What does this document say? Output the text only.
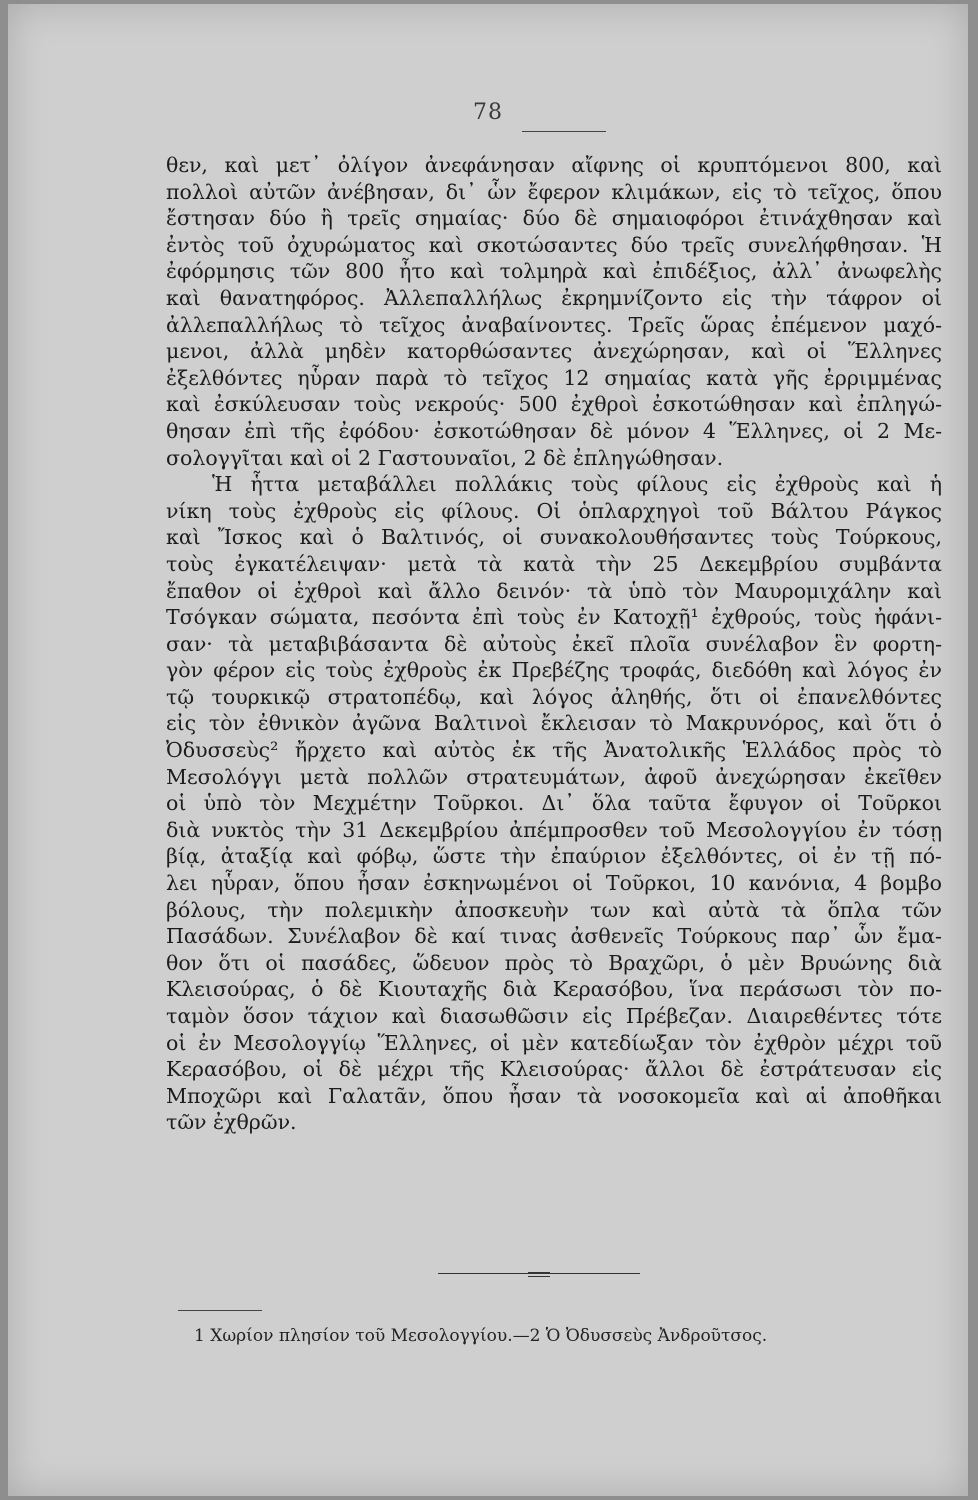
78
θεν, καὶ μετ᾽ ὀλίγον ἀνεφάνησαν αἴφνης οἱ κρυπτόμενοι 800, καὶ
πολλοὶ αὐτῶν ἀνέβησαν, δι᾽ ὧν ἔφερον κλιμάκων, εἰς τὸ τεῖχος, ὅπου
ἔστησαν δύο ἢ τρεῖς σημαίας· δύο δὲ σημαιοφόροι ἐτινάχθησαν καὶ
ἐντὸς τοῦ ὀχυρώματος καὶ σκοτώσαντες δύο τρεῖς συνελήφθησαν. Ἡ
ἐφόρμησις τῶν 800 ἦτο καὶ τολμηρὰ καὶ ἐπιδέξιος, ἀλλ᾽ ἀνωφελὴς
καὶ θανατηφόρος. Ἀλλεπαλλήλως ἐκρημνίζοντο εἰς τὴν τάφρον οἱ
ἀλλεπαλλήλως τὸ τεῖχος ἀναβαίνοντες. Τρεῖς ὥρας ἐπέμενον μαχό-
μενοι, ἀλλὰ μηδὲν κατορθώσαντες ἀνεχώρησαν, καὶ οἱ Ἕλληνες
ἐξελθόντες ηὗραν παρὰ τὸ τεῖχος 12 σημαίας κατὰ γῆς ἐρριμμένας
καὶ ἐσκύλευσαν τοὺς νεκρούς· 500 ἐχθροὶ ἐσκοτώθησαν καὶ ἐπληγώ-
θησαν ἐπὶ τῆς ἐφόδου· ἐσκοτώθησαν δὲ μόνον 4 Ἕλληνες, οἱ 2 Με-
σολογγῖται καὶ οἱ 2 Γαστουναῖοι, 2 δὲ ἐπληγώθησαν.
Ἡ ἧττα μεταβάλλει πολλάκις τοὺς φίλους εἰς ἐχθροὺς καὶ ἡ
νίκη τοὺς ἐχθροὺς εἰς φίλους. Οἱ ὁπλαρχηγοὶ τοῦ Βάλτου Ράγκος
καὶ Ἴσκος καὶ ὁ Βαλτινός, οἱ συνακολουθήσαντες τοὺς Τούρκους,
τοὺς ἐγκατέλειψαν· μετὰ τὰ κατὰ τὴν 25 Δεκεμβρίου συμβάντα
ἔπαθον οἱ ἐχθροὶ καὶ ἄλλο δεινόν· τὰ ὑπὸ τὸν Μαυρομιχάλην καὶ
Τσόγκαν σώματα, πεσόντα ἐπὶ τοὺς ἐν Κατοχῇ¹ ἐχθρούς, τοὺς ἠφάνι-
σαν· τὰ μεταβιβάσαντα δὲ αὐτοὺς ἐκεῖ πλοῖα συνέλαβον ἓν φορτη-
γὸν φέρον εἰς τοὺς ἐχθροὺς ἐκ Πρεβέζης τροφάς, διεδόθη καὶ λόγος ἐν
τῷ τουρκικῷ στρατοπέδῳ, καὶ λόγος ἀληθής, ὅτι οἱ ἐπανελθόντες
εἰς τὸν ἐθνικὸν ἀγῶνα Βαλτινοὶ ἔκλεισαν τὸ Μακρυνόρος, καὶ ὅτι ὁ
Ὀδυσσεὺς² ἤρχετο καὶ αὐτὸς ἐκ τῆς Ἀνατολικῆς Ἑλλάδος πρὸς τὸ
Μεσολόγγι μετὰ πολλῶν στρατευμάτων, ἀφοῦ ἀνεχώρησαν ἐκεῖθεν
οἱ ὑπὸ τὸν Μεχμέτην Τοῦρκοι. Δι᾽ ὅλα ταῦτα ἔφυγον οἱ Τοῦρκοι
διὰ νυκτὸς τὴν 31 Δεκεμβρίου ἀπέμπροσθεν τοῦ Μεσολογγίου ἐν τόσῃ
βίᾳ, ἀταξίᾳ καὶ φόβῳ, ὥστε τὴν ἐπαύριον ἐξελθόντες, οἱ ἐν τῇ πό-
λει ηὗραν, ὅπου ἦσαν ἐσκηνωμένοι οἱ Τοῦρκοι, 10 κανόνια, 4 βομβο
βόλους, τὴν πολεμικὴν ἀποσκευὴν των καὶ αὐτὰ τὰ ὅπλα τῶν
Πασάδων. Συνέλαβον δὲ καί τινας ἀσθενεῖς Τούρκους παρ᾽ ὧν ἔμα-
θον ὅτι οἱ πασάδες, ὥδευον πρὸς τὸ Βραχῶρι, ὁ μὲν Βρυώνης διὰ
Κλεισούρας, ὁ δὲ Κιουταχῆς διὰ Κερασόβου, ἵνα περάσωσι τὸν πο-
ταμὸν ὅσον τάχιον καὶ διασωθῶσιν εἰς Πρέβεζαν. Διαιρεθέντες τότε
οἱ ἐν Μεσολογγίῳ Ἕλληνες, οἱ μὲν κατεδίωξαν τὸν ἐχθρὸν μέχρι τοῦ
Κερασόβου, οἱ δὲ μέχρι τῆς Κλεισούρας· ἄλλοι δὲ ἐστράτευσαν εἰς
Μποχῶρι καὶ Γαλατᾶν, ὅπου ἦσαν τὰ νοσοκομεῖα καὶ αἱ ἀποθῆκαι
τῶν ἐχθρῶν.
1 Χωρίον πλησίον τοῦ Μεσολογγίου.—2 Ὁ Ὀδυσσεὺς Ἀνδροῦτσος.
